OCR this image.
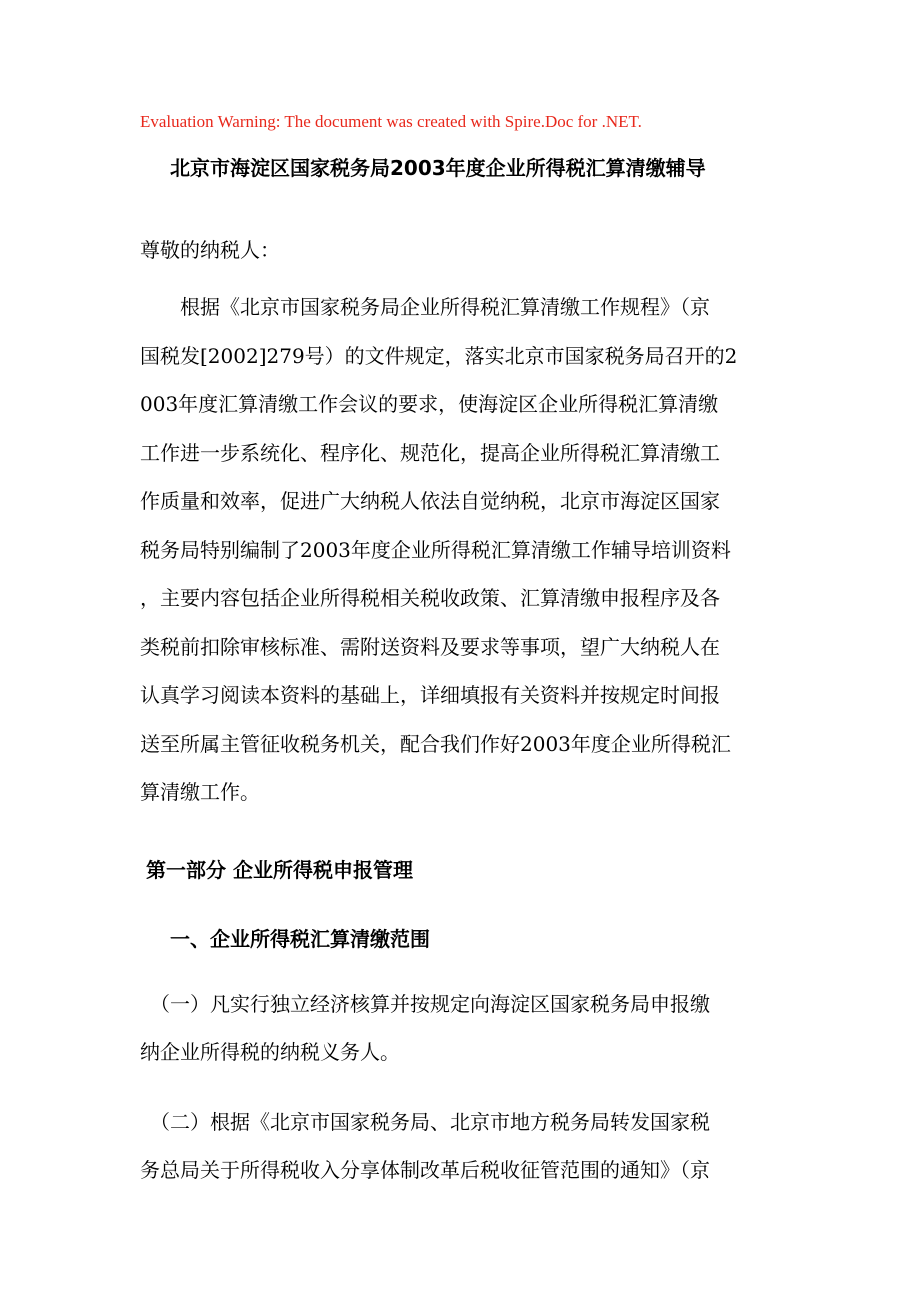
Evaluation Warning: The document was created with Spire.Doc for .NET.
北京市海淀区国家税务局2003年度企业所得税汇算清缴辅导
尊敬的纳税人：
　　根据《北京市国家税务局企业所得税汇算清缴工作规程》（京
国税发[2002]279号）的文件规定，落实北京市国家税务局召开的2
003年度汇算清缴工作会议的要求，使海淀区企业所得税汇算清缴
工作进一步系统化、程序化、规范化，提高企业所得税汇算清缴工
作质量和效率，促进广大纳税人依法自觉纳税，北京市海淀区国家
税务局特别编制了2003年度企业所得税汇算清缴工作辅导培训资料
，主要内容包括企业所得税相关税收政策、汇算清缴申报程序及各
类税前扣除审核标准、需附送资料及要求等事项，望广大纳税人在
认真学习阅读本资料的基础上，详细填报有关资料并按规定时间报
送至所属主管征收税务机关，配合我们作好2003年度企业所得税汇
算清缴工作。
第一部分 企业所得税申报管理
一、企业所得税汇算清缴范围
　（一）凡实行独立经济核算并按规定向海淀区国家税务局申报缴
纳企业所得税的纳税义务人。
　（二）根据《北京市国家税务局、北京市地方税务局转发国家税
务总局关于所得税收入分享体制改革后税收征管范围的通知》（京
